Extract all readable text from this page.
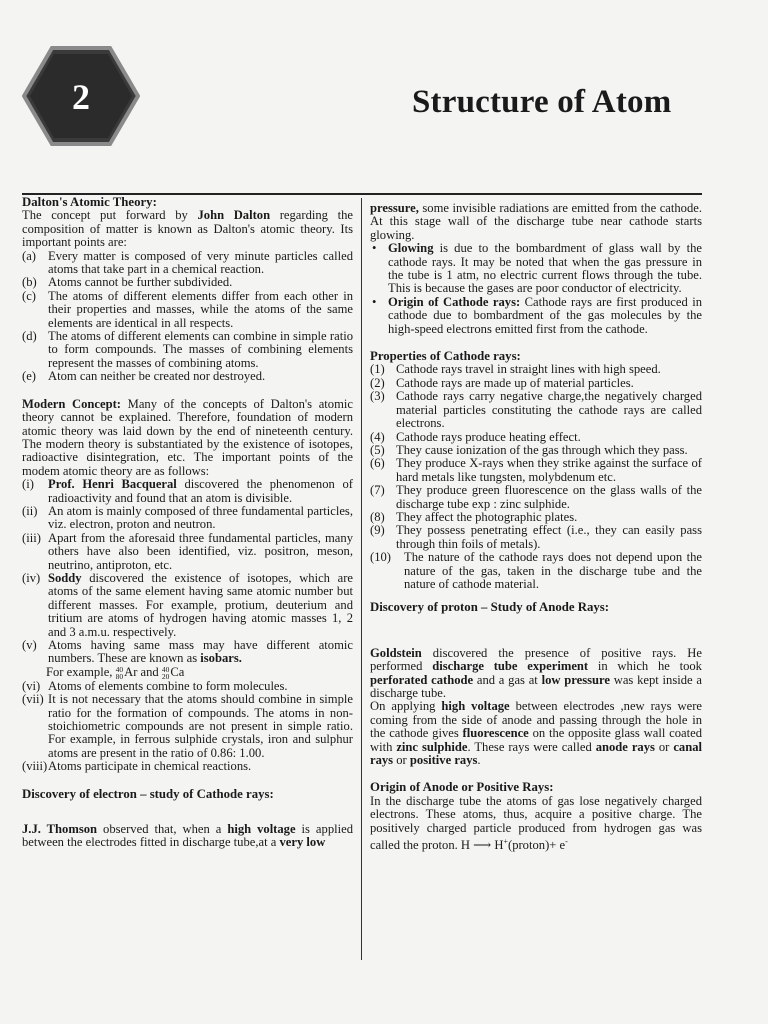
2	Structure of Atom

Dalton's Atomic Theory:

The concept put forward by John Dalton regarding the composition of matter is known as Dalton's atomic theory. Its important points are:

(a) Every matter is composed of very minute particles called atoms that take part in a chemical reaction.
(b) Atoms cannot be further subdivided.
(c) The atoms of different elements differ from each other in their properties and masses, while the atoms of the same elements are identical in all respects.
(d) The atoms of different elements can combine in simple ratio to form compounds. The masses of combining elements represent the masses of combining atoms.
(e) Atom can neither be created nor destroyed.

Modern Concept: Many of the concepts of Dalton's atomic theory cannot be explained. Therefore, foundation of modern atomic theory was laid down by the end of nineteenth century. The modern theory is substantiated by the existence of isotopes, radioactive disintegration, etc. The important points of the modem atomic theory are as follows:

(i) Prof. Henri Bacqueral discovered the phenomenon of radioactivity and found that an atom is divisible.
(ii) An atom is mainly composed of three fundamental particles, viz. electron, proton and neutron.
(iii) Apart from the aforesaid three fundamental particles, many others have also been identified, viz. positron, meson, neutrino, antiproton, etc.
(iv) Soddy discovered the existence of isotopes, which are atoms of the same element having same atomic number but different masses. For example, protium, deuterium and tritium are atoms of hydrogen having atomic masses 1, 2 and 3 a.m.u. respectively.
(v) Atoms having same mass may have different atomic numbers. These are known as isobars.
For example, 40
80Ar and 40
20Ca
(vi) Atoms of elements combine to form molecules.
(vii) It is not necessary that the atoms should combine in simple ratio for the formation of compounds. The atoms in non-stoichiometric compounds are not present in simple ratio. For example, in ferrous sulphide crystals, iron and sulphur atoms are present in the ratio of 0.86: 1.00.
(viii) Atoms participate in chemical reactions.

Discovery of electron – study of Cathode rays:

J.J. Thomson observed that, when a high voltage is applied between the electrodes fitted in discharge tube,at a very low

pressure, some invisible radiations are emitted from the cathode. At this stage wall of the discharge tube near cathode starts glowing.

• Glowing is due to the bombardment of glass wall by the cathode rays. It may be noted that when the gas pressure in the tube is 1 atm, no electric current flows through the tube. This is because the gases are poor conductor of electricity.
• Origin of Cathode rays: Cathode rays are first produced in cathode due to bombardment of the gas molecules by the high-speed electrons emitted first from the cathode.

Properties of Cathode rays:

(1) Cathode rays travel in straight lines with high speed.
(2) Cathode rays are made up of material particles.
(3) Cathode rays carry negative charge,the negatively charged material particles constituting the cathode rays are called electrons.
(4) Cathode rays produce heating effect.
(5) They cause ionization of the gas through which they pass.
(6) They produce X-rays when they strike against the surface of hard metals like tungsten, molybdenum etc.
(7) They produce green fluorescence on the glass walls of the discharge tube exp : zinc sulphide.
(8) They affect the photographic plates.
(9) They possess penetrating effect (i.e., they can easily pass through thin foils of metals).
(10) The nature of the cathode rays does not depend upon the nature of the gas, taken in the discharge tube and the nature of cathode material.

Discovery of proton – Study of Anode Rays:

Goldstein discovered the presence of positive rays. He performed discharge tube experiment in which he took perforated cathode and a gas at low pressure was kept inside a discharge tube.

On applying high voltage between electrodes ,new rays were coming from the side of anode and passing through the hole in the cathode gives fluorescence on the opposite glass wall coated with zinc sulphide. These rays were called anode rays or canal rays or positive rays.

Origin of Anode or Positive Rays:

In the discharge tube the atoms of gas lose negatively charged electrons. These atoms, thus, acquire a positive charge. The positively charged particle produced from hydrogen gas was called the proton. H ⟶ H+(proton)+ e-
